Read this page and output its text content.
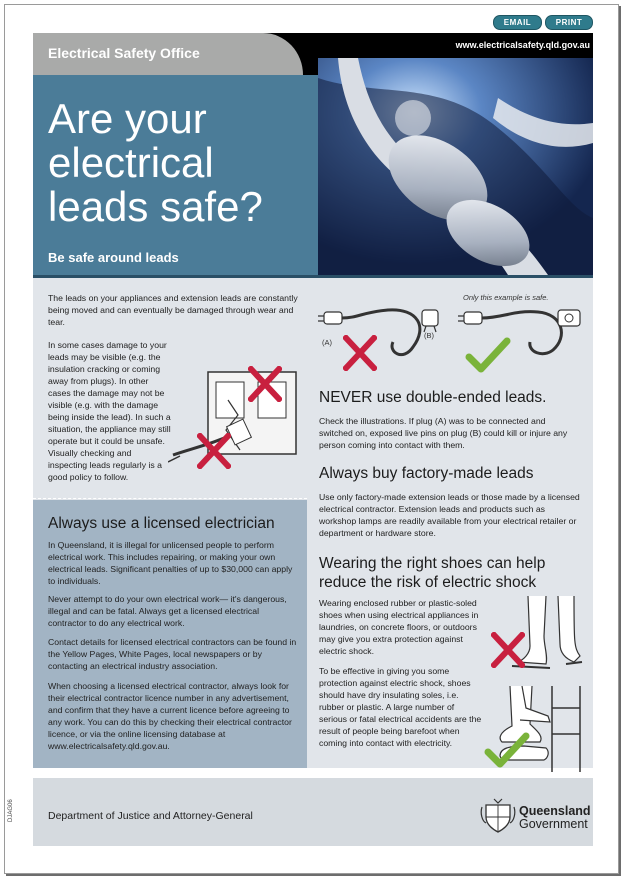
EMAIL	PRINT
Electrical Safety Office	www.electricalsafety.qld.gov.au
Are your electrical leads safe?
Be safe around leads

The leads on your appliances and extension leads are constantly being moved and can eventually be damaged through wear and tear.

In some cases damage to your leads may be visible (e.g. the insulation cracking or coming away from plugs). In other cases the damage may not be visible (e.g. with the damage being inside the lead). In such a situation, the appliance may still operate but it could be unsafe. Visually checking and inspecting leads regularly is a good policy to follow.

Always use a licensed electrician

In Queensland, it is illegal for unlicensed people to perform electrical work. This includes repairing, or making your own electrical leads. Significant penalties of up to $30,000 can apply to individuals.

Never attempt to do your own electrical work— it's dangerous, illegal and can be fatal. Always get a licensed electrical contractor to do any electrical work.

Contact details for licensed electrical contractors can be found in the Yellow Pages, White Pages, local newspapers or by contacting an electrical industry association.

When choosing a licensed electrical contractor, always look for their electrical contractor licence number in any advertisement, and confirm that they have a current licence before agreeing to any work. You can do this by checking their electrical contractor licence, or via the online licensing database at www.electricalsafety.qld.gov.au.

Only this example is safe.
(A)
(B)
NEVER use double-ended leads.

Check the illustrations. If plug (A) was to be connected and switched on, exposed live pins on plug (B) could kill or injure any person coming into contact with them.

Always buy factory-made leads

Use only factory-made extension leads or those made by a licensed electrical contractor. Extension leads and products such as workshop lamps are readily available from your electrical retailer or department or hardware store.

Wearing the right shoes can help reduce the risk of electric shock

Wearing enclosed rubber or plastic-soled shoes when using electrical appliances in laundries, on concrete floors, or outdoors may give you extra protection against electric shock.

To be effective in giving you some protection against electric shock, shoes should have dry insulating soles, i.e. rubber or plastic. A large number of serious or fatal electrical accidents are the result of people being barefoot when coming into contact with electricity.

Department of Justice and Attorney-General	Queensland
Government
DJAG06
